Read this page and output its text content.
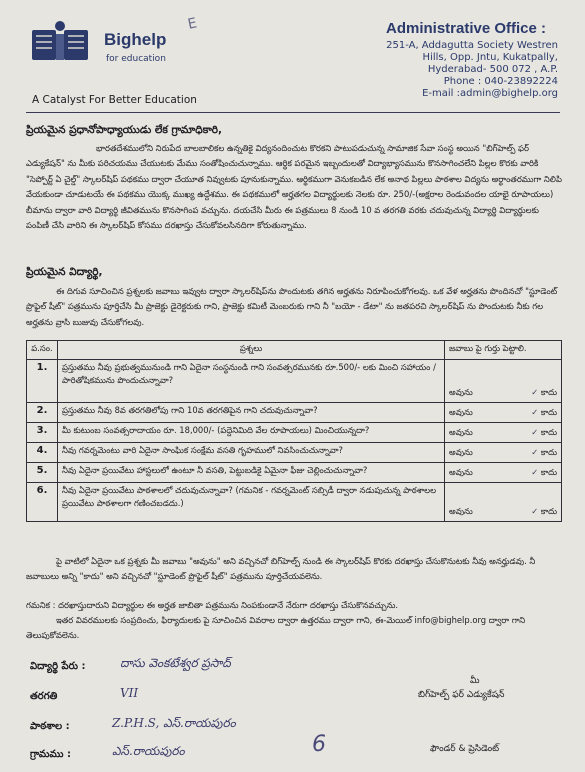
Bighelp
for education
A Catalyst For Better Education
E	Administrative Office :
251-A, Addagutta Society Westren
Hills, Opp. Jntu, Kukatpally,
Hyderabad- 500 072 , A.P.
Phone : 040-23892224
E-mail :admin@bighelp.org
ప్రియమైన ప్రధానోపాధ్యాయుడు లేక గ్రామాధికారి,
భారతదేశములోని నిరుపేద బాలబాలికల ఉన్నతికై విద్యనందించుట కొరకని పాటుపడుచున్న సామాజిక సేవా సంస్థ అయిన "బిగ్‌హెల్ప్ ఫర్ ఎడ్యుకేషన్" ను మీకు పరిచయము చేయుటకు మేము సంతోషించుచున్నాము. ఆర్థిక పరమైన ఇబ్బందులతో విద్యాభ్యాసమును కొనసాగించలేని పిల్లల కొరకు వారికి "సెప్పోర్ట్ ఏ చైల్డ్" స్కాలర్‌షిప్ పథకము ద్వారా చేయూత నివ్వుటకు పూనుకున్నాము. ఆర్థికముగా వెనుకబడిన లేక అనాథ పిల్లలు పాఠశాల విద్యను అర్థాంతరముగా నిలిపి వేయకుండా చూడుటయే ఈ పథకము యొక్క ముఖ్య ఉద్దేశము. ఈ పథకములో అర్హతగల విద్యార్థులకు నెలకు రూ. 250/-(అక్షరాల రెండువందల యాభై రూపాయలు) బీమాను ద్వారా వారి విద్యార్థి జీవితమును కొనసాగింప వచ్చును. దయచేసి మీరు ఈ పత్రములు 8 నుండి 10 వ తరగతి వరకు చదువుచున్న విద్యార్థి విద్యార్థులకు పంపిణీ చేసి వారిని ఈ స్కాలర్‌షిప్ కోసము దరఖాస్తు చేసుకోవలసినదిగా కోరుతున్నాము.
ప్రియమైన విద్యార్థి,
ఈ దిగువ సూచించిన ప్రశ్నలకు జవాబు ఇవ్వుట ద్వారా స్కాలర్‌షిప్‌ను పొందుటకు తగిన అర్హతను నిరూపించుకోగలవు. ఒక వేళ అర్హతను పొందినచో "స్టూడెంట్ ప్రొఫైల్ షీట్" పత్రమును పూర్తిచేసి మీ ప్రాజెక్టు డైరెక్టరుకు గాని, ప్రాజెక్టు కమిటీ మెంబరుకు గాని నీ "బయో - డేటా" ను జతపరచి స్కాలర్‌షిప్ ను పొందుటకు నీకు గల అర్హతను వ్రాసి బుజువు చేసుకోగలవు.
ప.సం.	ప్రశ్నలు	జవాబు పై గుర్తు పెట్టాలి.
1.	ప్రస్తుతము నీవు ప్రభుత్వమునుండి గాని ఏదైనా సంస్థనుండి గాని సంవత్సరమునకు రూ.500/- లకు మించి సహాయం / పారితోషికమును పొందుచున్నావా?	అవును ✓ కాదు

2.	ప్రస్తుతము నీవు 8వ తరగతిలోపు గాని 10వ తరగతిపైన గాని చదువుచున్నావా?	అవును ✓ కాదు

3.	మీ కుటుంబ సంవత్సరాదాయం రూ. 18,000/- (పద్దెనిమిది వేల రూపాయలు) మించియున్నదా?	అవును ✓ కాదు

4.	నీవు గవర్నమెంటు వారి ఏదైనా సాంఘిక సంక్షేమ వసతి గృహములో నివసించుచున్నావా?	అవును ✓ కాదు

5.	నీవు ఏదైనా ప్రయివేటు హాస్టలులో ఉంటూ నీ వసతి, పెట్టుబడికై ఏమైనా ఫీజు చెల్లించుచున్నావా?	అవును ✓ కాదు

6.	నీవు ఏదైనా ప్రయివేటు పాఠశాలలో చదువుచున్నావా? (గమనిక - గవర్నమెంట్ సబ్సిడీ ద్వారా నడుపుచున్న పాఠశాలల ప్రయివేటు పాఠశాలగా గణించబడదు.)	అవును ✓ కాదు
పై వాటిలో ఏదైనా ఒక ప్రశ్నకు మీ జవాబు "అవును" అని వచ్చినచో బిగ్‌హెల్ప్ నుండి ఈ స్కాలర్‌షిప్ కొరకు దరఖాస్తు చేసుకొనుటకు నీవు అనర్హుడవు. నీ జవాబులు అన్ని "కాదు" అని వచ్చినచో "స్టూడెంట్ ప్రొఫైల్ షీట్" పత్రమును పూర్తిచేయవలెను.
గమనిక : దరఖాస్తుదారుని విద్యార్థుల ఈ అర్హత జాబితా పత్రమును నింపకుండానే నేరుగా దరఖాస్తు చేసుకొనవచ్చును.
ఇతర వివరములకు సంప్రదించు, ఫిర్యాదులకు పై సూచించిన వివరాల ద్వారా ఉత్తరము ద్వారా గాని, ఈ-మెయిల్ info@bighelp.org ద్వారా గాని తెలుపుకోవలెను.
విద్యార్థి పేరు :	దాసు వెంకటేశ్వర ప్రసాద్
తరగతి	VII
పాఠశాల :	Z.P.H.S, ఎస్.రాయపురం
గ్రామము :	ఎస్.రాయపురం
మీ
బిగ్‌హెల్ప్ ఫర్ ఎడ్యుకేషన్
ఫౌండర్ & ప్రెసిడెంట్
6
